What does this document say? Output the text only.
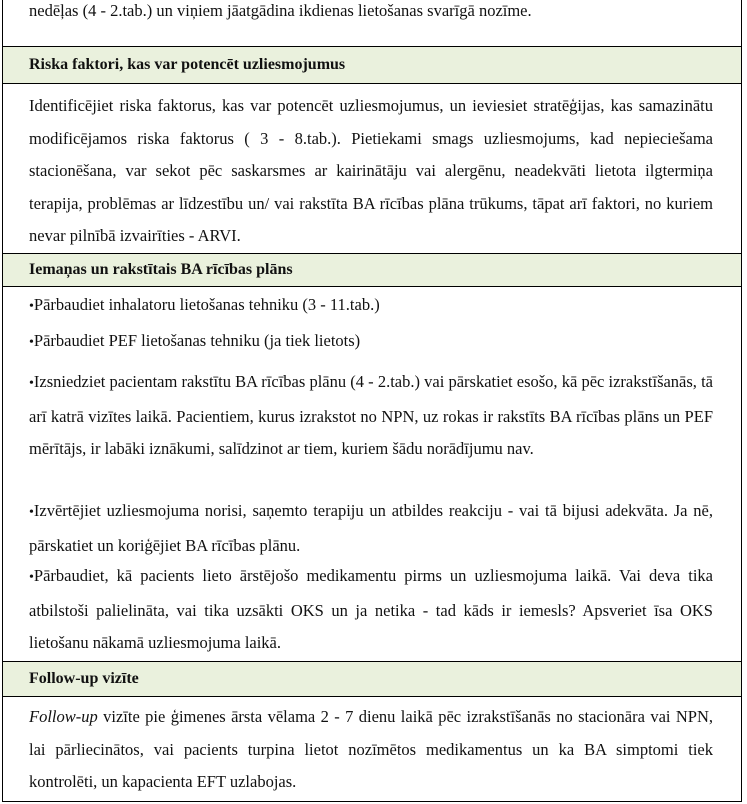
nedēļas (4 - 2.tab.) un viņiem jāatgādina ikdienas lietošanas svarīgā nozīme.
Riska faktori, kas var potencēt uzliesmojumus
Identificējiet riska faktorus, kas var potencēt uzliesmojumus, un ieviesiet stratēģijas, kas samazinātu modificējamos riska faktorus ( 3 - 8.tab.). Pietiekami smags uzliesmojums, kad nepieciešama stacionēšana, var sekot pēc saskarsmes ar kairinātāju vai alergēnu, neadekvāti lietota ilgtermiņa terapija, problēmas ar līdzestību un/ vai rakstīta BA rīcības plāna trūkums, tāpat arī faktori, no kuriem nevar pilnībā izvairīties - ARVI.
Iemaņas un rakstītais BA rīcības plāns
•Pārbaudiet inhalatoru lietošanas tehniku (3 - 11.tab.)
•Pārbaudiet PEF lietošanas tehniku (ja tiek lietots)
•Izsniedziet pacientam rakstītu BA rīcības plānu (4 - 2.tab.) vai pārskatiet esošo, kā pēc izrakstīšanās, tā arī katrā vizītes laikā. Pacientiem, kurus izrakstot no NPN, uz rokas ir rakstīts BA rīcības plāns un PEF mērītājs, ir labāki iznākumi, salīdzinot ar tiem, kuriem šādu norādījumu nav.
•Izvērtējiet uzliesmojuma norisi, saņemto terapiju un atbildes reakciju - vai tā bijusi adekvāta. Ja nē, pārskatiet un koriģējiet BA rīcības plānu.
•Pārbaudiet, kā pacients lieto ārstējošo medikamentu pirms un uzliesmojuma laikā. Vai deva tika atbilstoši palielināta, vai tika uzsākti OKS un ja netika - tad kāds ir iemesls? Apsveriet īsa OKS lietošanu nākamā uzliesmojuma laikā.
Follow-up vizīte
Follow-up vizīte pie ģimenes ārsta vēlama 2 - 7 dienu laikā pēc izrakstīšanās no stacionāra vai NPN, lai pārliecinātos, vai pacients turpina lietot nozīmētos medikamentus un ka BA simptomi tiek kontrolēti, un kapacienta EFT uzlabojas.
